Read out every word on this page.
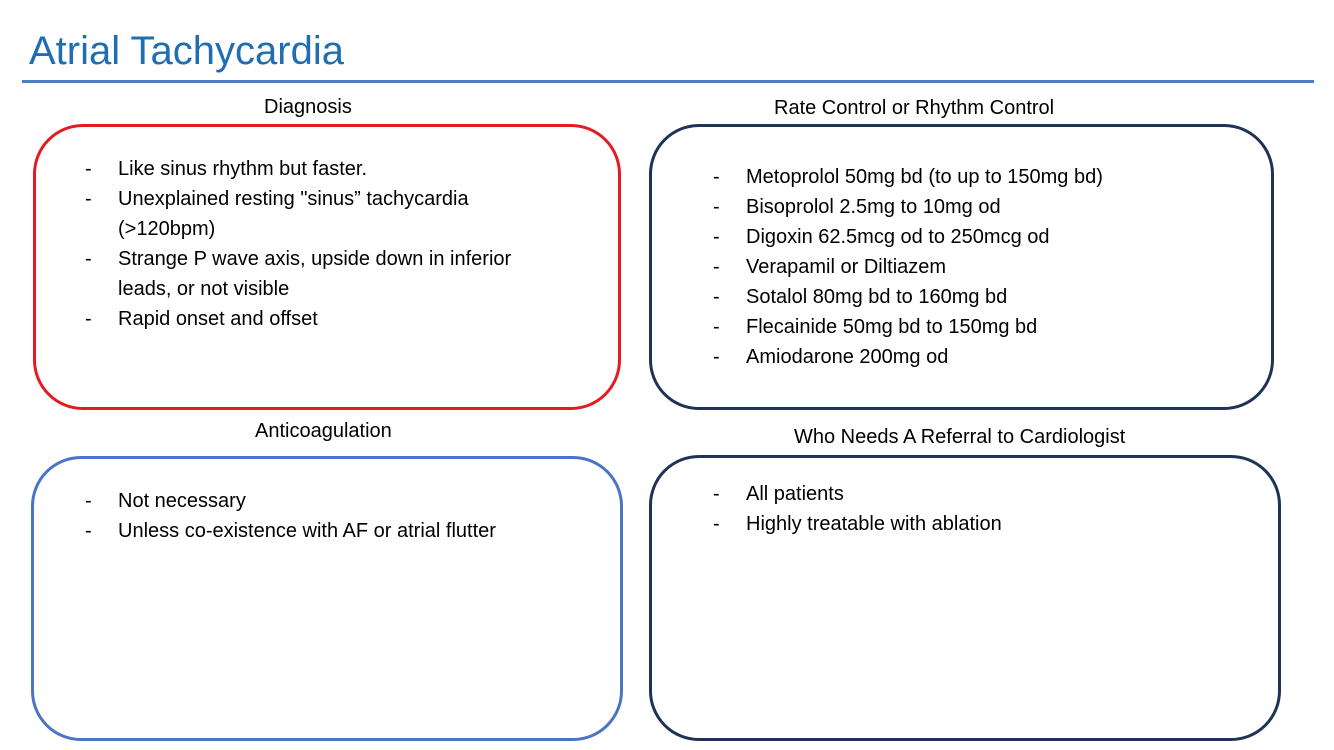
Atrial Tachycardia
Diagnosis
-	Like sinus rhythm but faster.
-	Unexplained resting "sinus” tachycardia (>120bpm)
-	Strange P wave axis, upside down in inferior leads, or not visible
-	Rapid onset and offset
Rate Control or Rhythm Control
-	Metoprolol 50mg bd (to up to 150mg bd)
-	Bisoprolol 2.5mg to 10mg od
-	Digoxin 62.5mcg od to 250mcg od
-	Verapamil or Diltiazem
-	Sotalol 80mg bd to 160mg bd
-	Flecainide 50mg bd to 150mg bd
-	Amiodarone 200mg od
Anticoagulation
-	Not necessary
-	Unless co-existence with AF or atrial flutter
Who Needs A Referral to Cardiologist
-	All patients
-	Highly treatable with ablation
